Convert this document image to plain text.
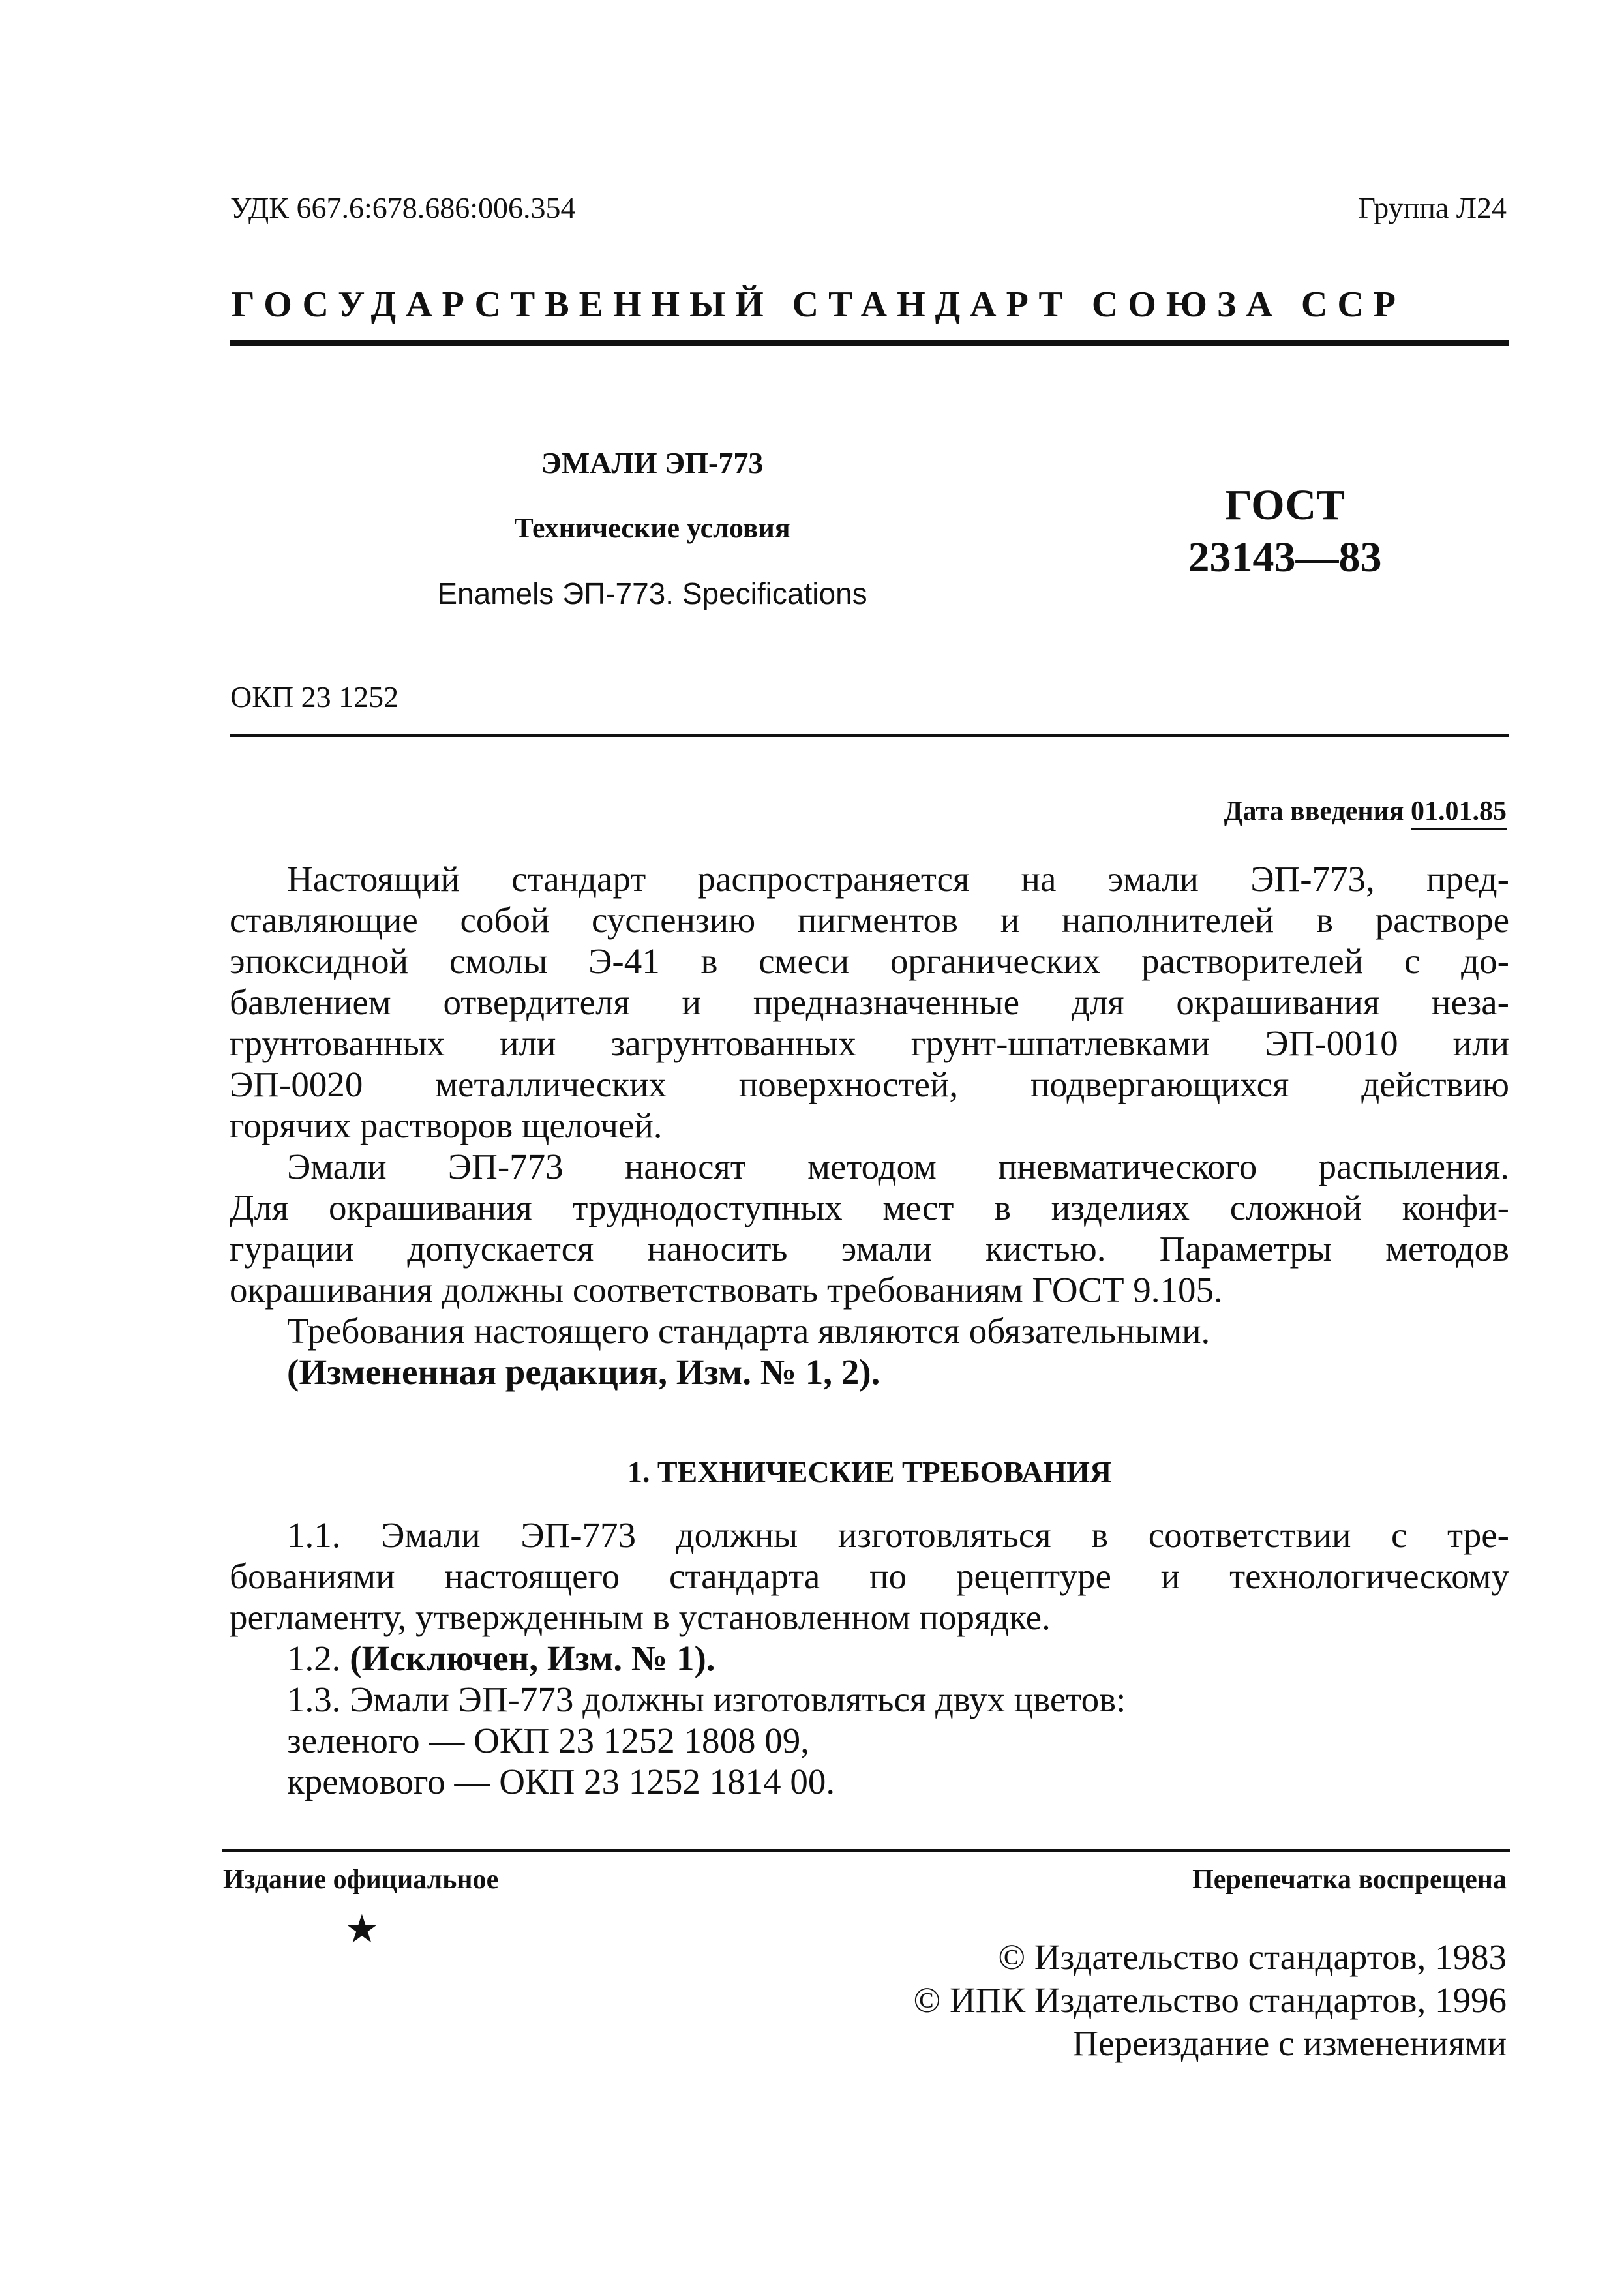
УДК 667.6:678.686:006.354	Группа Л24
ГОСУДАРСТВЕННЫЙ СТАНДАРТ СОЮЗА ССР
ЭМАЛИ ЭП-773
Технические условия
Enamels ЭП-773. Specifications
ГОСТ
23143—83
ОКП 23 1252
Дата введения 01.01.85

Настоящий стандарт распространяется на эмали ЭП-773, пред-

ставляющие собой суспензию пигментов и наполнителей в растворе

эпоксидной смолы Э-41 в смеси органических растворителей с до-

бавлением отвердителя и предназначенные для окрашивания неза-

грунтованных или загрунтованных грунт-шпатлевками ЭП-0010 или

ЭП-0020 металлических поверхностей, подвергающихся действию

горячих растворов щелочей.

Эмали ЭП-773 наносят методом пневматического распыления.

Для окрашивания труднодоступных мест в изделиях сложной конфи-

гурации допускается наносить эмали кистью. Параметры методов

окрашивания должны соответствовать требованиям ГОСТ 9.105.

Требования настоящего стандарта являются обязательными.

(Измененная редакция, Изм. № 1, 2).

1. ТЕХНИЧЕСКИЕ ТРЕБОВАНИЯ

1.1. Эмали ЭП-773 должны изготовляться в соответствии с тре-

бованиями настоящего стандарта по рецептуре и технологическому

регламенту, утвержденным в установленном порядке.

1.2. (Исключен, Изм. № 1).

1.3. Эмали ЭП-773 должны изготовляться двух цветов:

зеленого — ОКП 23 1252 1808 09,

кремового — ОКП 23 1252 1814 00.

Издание официальное	Перепечатка воспрещена
★
© Издательство стандартов, 1983
© ИПК Издательство стандартов, 1996
Переиздание с изменениями
